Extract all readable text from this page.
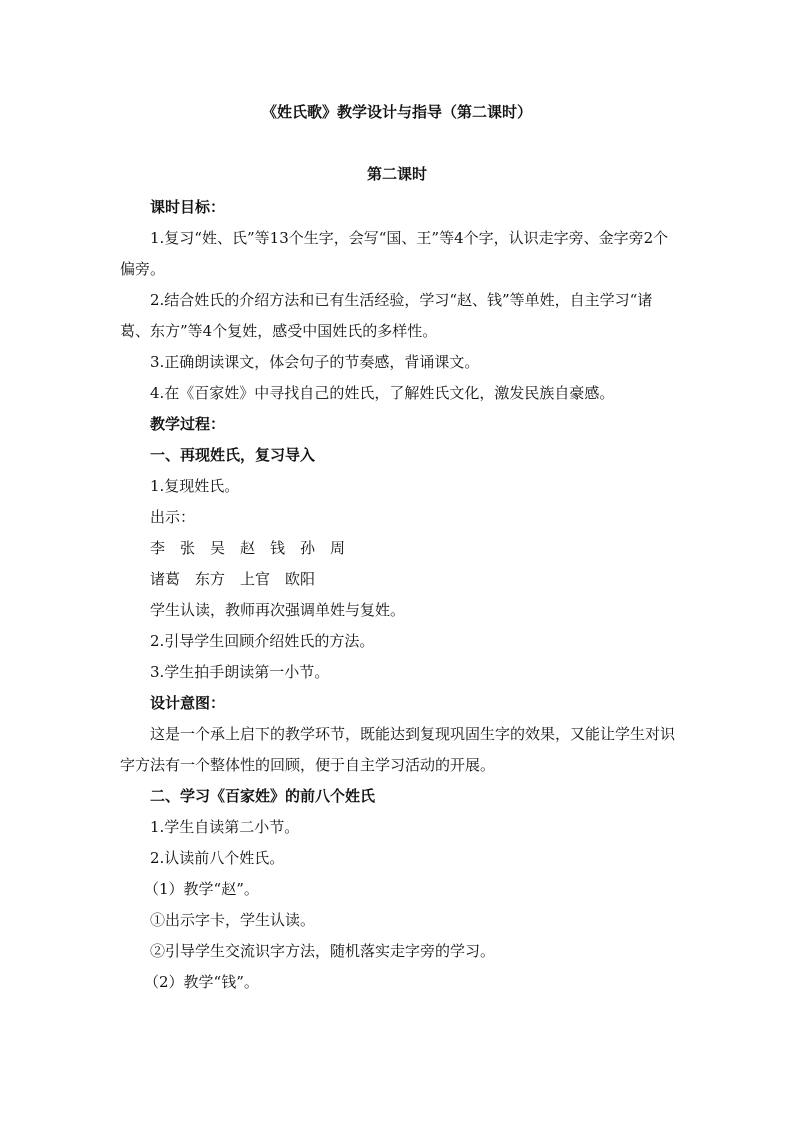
《姓氏歌》教学设计与指导（第二课时）
第二课时

课时目标：

1.复习“姓、氏”等13个生字，会写“国、王”等4个字，认识走字旁、金字旁2个偏旁。

2.结合姓氏的介绍方法和已有生活经验，学习“赵、钱”等单姓，自主学习“诸葛、东方”等4个复姓，感受中国姓氏的多样性。

3.正确朗读课文，体会句子的节奏感，背诵课文。

4.在《百家姓》中寻找自己的姓氏，了解姓氏文化，激发民族自豪感。

教学过程：

一、再现姓氏，复习导入

1.复现姓氏。

出示：

李　张　吴　赵　钱　孙　周

诸葛　东方　上官　欧阳

学生认读，教师再次强调单姓与复姓。

2.引导学生回顾介绍姓氏的方法。

3.学生拍手朗读第一小节。

设计意图：

这是一个承上启下的教学环节，既能达到复现巩固生字的效果，又能让学生对识字方法有一个整体性的回顾，便于自主学习活动的开展。

二、学习《百家姓》的前八个姓氏

1.学生自读第二小节。

2.认读前八个姓氏。

（1）教学“赵”。

①出示字卡，学生认读。

②引导学生交流识字方法，随机落实走字旁的学习。

（2）教学“钱”。
